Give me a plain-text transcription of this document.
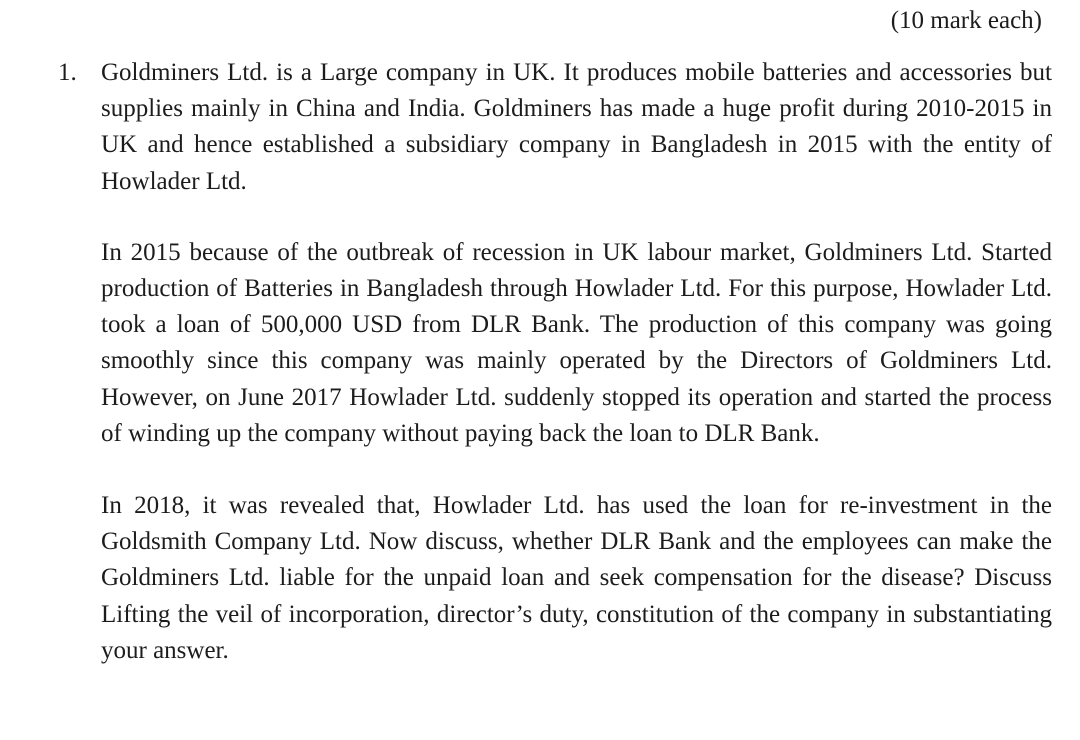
(10 mark each)
1. Goldminers Ltd. is a Large company in UK. It produces mobile batteries and accessories but supplies mainly in China and India. Goldminers has made a huge profit during 2010-2015 in UK and hence established a subsidiary company in Bangladesh in 2015 with the entity of Howlader Ltd.

In 2015 because of the outbreak of recession in UK labour market, Goldminers Ltd. Started production of Batteries in Bangladesh through Howlader Ltd. For this purpose, Howlader Ltd. took a loan of 500,000 USD from DLR Bank. The production of this company was going smoothly since this company was mainly operated by the Directors of Goldminers Ltd. However, on June 2017 Howlader Ltd. suddenly stopped its operation and started the process of winding up the company without paying back the loan to DLR Bank.

In 2018, it was revealed that, Howlader Ltd. has used the loan for re-investment in the Goldsmith Company Ltd. Now discuss, whether DLR Bank and the employees can make the Goldminers Ltd. liable for the unpaid loan and seek compensation for the disease? Discuss Lifting the veil of incorporation, director’s duty, constitution of the company in substantiating your answer.
